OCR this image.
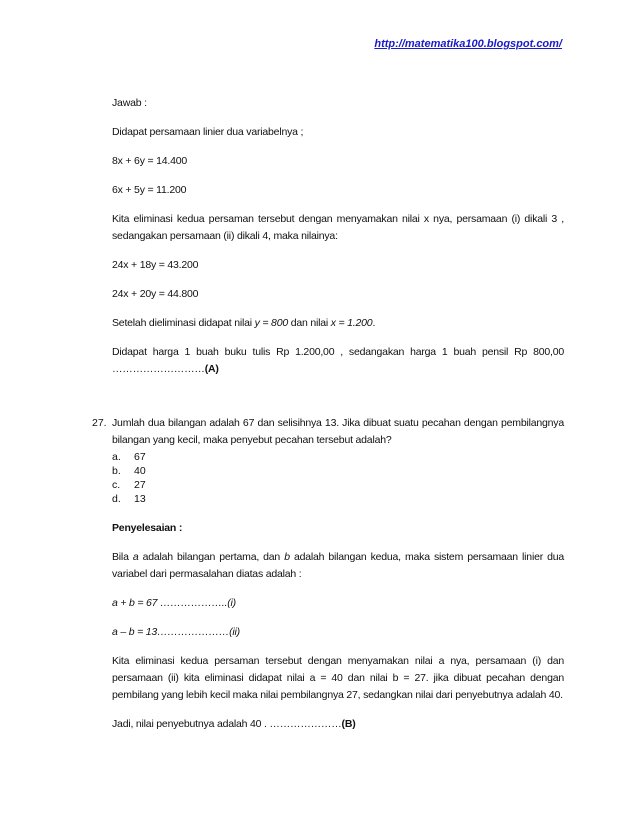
http://matematika100.blogspot.com/
Jawab :
Didapat persamaan linier dua variabelnya ;
8x + 6y = 14.400
6x + 5y = 11.200
Kita eliminasi kedua persaman tersebut dengan menyamakan nilai x nya, persamaan (i) dikali 3 , sedangakan persamaan (ii) dikali 4, maka nilainya:
24x + 18y = 43.200
24x + 20y = 44.800
Setelah dieliminasi didapat nilai y = 800 dan nilai x = 1.200.
Didapat harga 1 buah buku tulis Rp 1.200,00 , sedangakan harga 1 buah pensil Rp 800,00 ………………………(A)
27. Jumlah dua bilangan adalah 67 dan selisihnya 13. Jika dibuat suatu pecahan dengan pembilangnya bilangan yang kecil, maka penyebut pecahan tersebut adalah?
a. 67
b. 40
c. 27
d. 13
Penyelesaian :
Bila a adalah bilangan pertama, dan b adalah bilangan kedua, maka sistem persamaan linier dua variabel dari permasalahan diatas adalah :
a + b = 67 ………………..(i)
a – b = 13…………………(ii)
Kita eliminasi kedua persaman tersebut dengan menyamakan nilai a nya, persamaan (i) dan persamaan (ii) kita eliminasi didapat nilai a = 40 dan nilai b = 27. jika dibuat pecahan dengan pembilang yang lebih kecil maka nilai pembilangnya 27, sedangkan nilai dari penyebutnya adalah 40.
Jadi, nilai penyebutnya adalah 40 . …………………(B)
